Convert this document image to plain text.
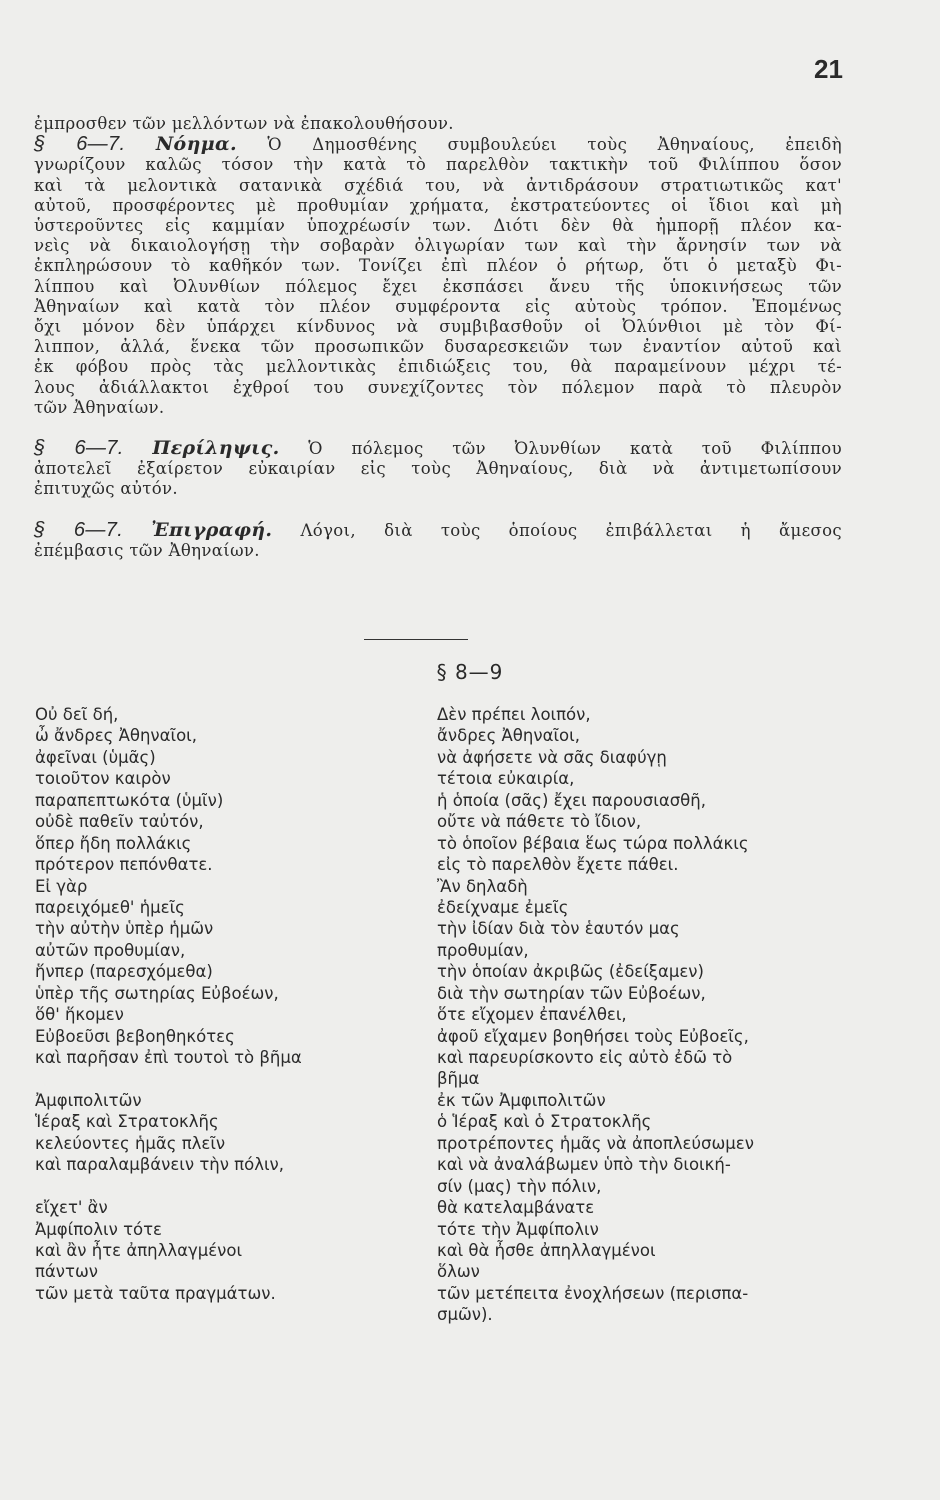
21

ἐμπροσθεν τῶν μελλόντων νὰ ἐπακολουθήσουν.

§ 6—7. Νόημα. Ὁ Δημοσθένης συμβουλεύει τοὺς Ἀθηναίους, ἐπειδὴ
γνωρίζουν καλῶς τόσον τὴν κατὰ τὸ παρελθὸν τακτικὴν τοῦ Φιλίππου ὅσον
καὶ τὰ μελοντικὰ σατανικὰ σχέδιά του, νὰ ἀντιδράσουν στρατιωτικῶς κατ'
αὐτοῦ, προσφέροντες μὲ προθυμίαν χρήματα, ἐκστρατεύοντες οἱ ἴδιοι καὶ μὴ
ὑστεροῦντες εἰς καμμίαν ὑποχρέωσίν των. Διότι δὲν θὰ ἠμπορῇ πλέον κα-
νεὶς νὰ δικαιολογήσῃ τὴν σοβαρὰν ὀλιγωρίαν των καὶ τὴν ἄρνησίν των νὰ
ἐκπληρώσουν τὸ καθῆκόν των. Τονίζει ἐπὶ πλέον ὁ ρήτωρ, ὅτι ὁ μεταξὺ Φι-
λίππου καὶ Ὀλυνθίων πόλεμος ἔχει ἐκσπάσει ἄνευ τῆς ὑποκινήσεως τῶν
Ἀθηναίων καὶ κατὰ τὸν πλέον συμφέροντα εἰς αὐτοὺς τρόπον. Ἐπομένως
ὄχι μόνον δὲν ὑπάρχει κίνδυνος νὰ συμβιβασθοῦν οἱ Ὀλύνθιοι μὲ τὸν Φί-
λιππον, ἀλλά, ἕνεκα τῶν προσωπικῶν δυσαρεσκειῶν των ἐναντίον αὐτοῦ καὶ
ἐκ φόβου πρὸς τὰς μελλοντικὰς ἐπιδιώξεις του, θὰ παραμείνουν μέχρι τέ-
λους ἀδιάλλακτοι ἐχθροί του συνεχίζοντες τὸν πόλεμον παρὰ τὸ πλευρὸν
τῶν Ἀθηναίων.

§ 6—7. Περίληψις. Ὁ πόλεμος τῶν Ὀλυνθίων κατὰ τοῦ Φιλίππου
ἀποτελεῖ ἐξαίρετον εὐκαιρίαν εἰς τοὺς Ἀθηναίους, διὰ νὰ ἀντιμετωπίσουν
ἐπιτυχῶς αὐτόν.

§ 6—7. Ἐπιγραφή. Λόγοι, διὰ τοὺς ὁποίους ἐπιβάλλεται ἡ ἄμεσος
ἐπέμβασις τῶν Ἀθηναίων.

§ 8—9
Οὐ δεῖ δή,
ὦ ἄνδρες Ἀθηναῖοι,
ἀφεῖναι (ὑμᾶς)
τοιοῦτον καιρὸν
παραπεπτωκότα (ὑμῖν)
οὐδὲ παθεῖν ταὐτόν,
ὅπερ ἤδη πολλάκις
πρότερον πεπόνθατε.
Εἰ γὰρ
παρειχόμεθ' ἡμεῖς
τὴν αὐτὴν ὑπὲρ ἡμῶν
αὐτῶν προθυμίαν,
ἥνπερ (παρεσχόμεθα)
ὑπὲρ τῆς σωτηρίας Εὐβοέων,
ὅθ' ἥκομεν
Εὐβοεῦσι βεβοηθηκότες
καὶ παρῆσαν ἐπὶ τουτοὶ τὸ βῆμα
Ἀμφιπολιτῶν
Ἱέραξ καὶ Στρατοκλῆς
κελεύοντες ἡμᾶς πλεῖν
καὶ παραλαμβάνειν τὴν πόλιν,
εἴχετ' ἂν
Ἀμφίπολιν τότε
καὶ ἂν ἦτε ἀπηλλαγμένοι
πάντων
τῶν μετὰ ταῦτα πραγμάτων.
Δὲν πρέπει λοιπόν,
ἄνδρες Ἀθηναῖοι,
νὰ ἀφήσετε νὰ σᾶς διαφύγῃ
τέτοια εὐκαιρία,
ἡ ὁποία (σᾶς) ἔχει παρουσιασθῆ,
οὔτε νὰ πάθετε τὸ ἴδιον,
τὸ ὁποῖον βέβαια ἕως τώρα πολλάκις
εἰς τὸ παρελθὸν ἔχετε πάθει.
Ἂν δηλαδὴ
ἐδείχναμε ἐμεῖς
τὴν ἰδίαν διὰ τὸν ἑαυτόν μας
προθυμίαν,
τὴν ὁποίαν ἀκριβῶς (ἐδείξαμεν)
διὰ τὴν σωτηρίαν τῶν Εὐβοέων,
ὅτε εἴχομεν ἐπανέλθει,
ἀφοῦ εἴχαμεν βοηθήσει τοὺς Εὐβοεῖς,
καὶ παρευρίσκοντο εἰς αὐτὸ ἐδῶ τὸ
βῆμα
ἐκ τῶν Ἀμφιπολιτῶν
ὁ Ἱέραξ καὶ ὁ Στρατοκλῆς
προτρέποντες ἡμᾶς νὰ ἀποπλεύσωμεν
καὶ νὰ ἀναλάβωμεν ὑπὸ τὴν διοική-
σίν (μας) τὴν πόλιν,
θὰ κατελαμβάνατε
τότε τὴν Ἀμφίπολιν
καὶ θὰ ἦσθε ἀπηλλαγμένοι
ὅλων
τῶν μετέπειτα ἐνοχλήσεων (περισπα-
σμῶν).
